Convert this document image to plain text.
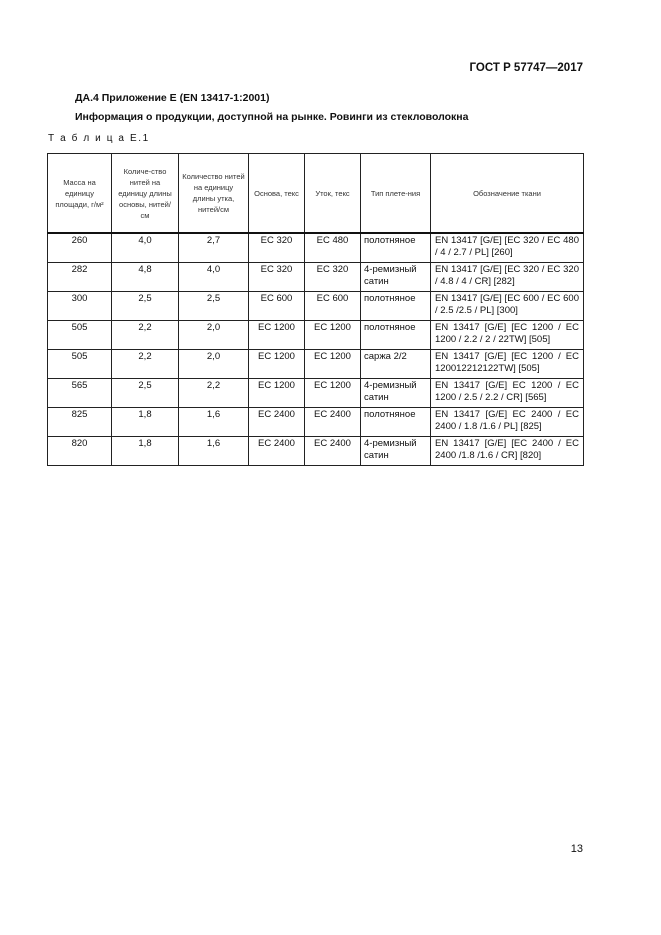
ГОСТ Р 57747—2017
ДА.4 Приложение Е (EN 13417-1:2001)
Информация о продукции, доступной на рынке. Ровинги из стекловолокна
Т а б л и ц а Е.1
Масса на единицу площади, г/м²	Количе-ство нитей на единицу длины основы, нитей/см	Количество нитей на единицу длины утка, нитей/см	Основа, текс	Уток, текс	Тип плете-ния	Обозначение ткани
260	4,0	2,7	EC 320	EC 480	полотняное	EN 13417 [G/E] [EC 320 / EC 480 / 4 / 2.7 / PL] [260]
282	4,8	4,0	EC 320	EC 320	4-ремизный сатин	EN 13417 [G/E] [EC 320 / EC 320 / 4.8 / 4 / CR] [282]
300	2,5	2,5	EC 600	EC 600	полотняное	EN 13417 [G/E] [EC 600 / EC 600 / 2.5 /2.5 / PL] [300]
505	2,2	2,0	EC 1200	EC 1200	полотняное	EN 13417 [G/E] [EC 1200 / EC 1200 / 2.2 / 2 / 22TW] [505]
505	2,2	2,0	EC 1200	EC 1200	саржа 2/2	EN 13417 [G/E] [EC 1200 / EC 120012212122TW] [505]
565	2,5	2,2	EC 1200	EC 1200	4-ремизный сатин	EN 13417 [G/E] EC 1200 / EC 1200 / 2.5 / 2.2 / CR] [565]
825	1,8	1,6	EC 2400	EC 2400	полотняное	EN 13417 [G/E] EC 2400 / EC 2400 / 1.8 /1.6 / PL] [825]
820	1,8	1,6	EC 2400	EC 2400	4-ремизный сатин	EN 13417 [G/E] [EC 2400 / EC 2400 /1.8 /1.6 / CR] [820]
13
